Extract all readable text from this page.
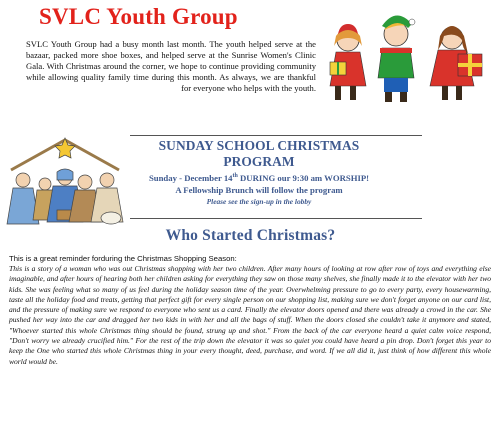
SVLC Youth Group

SVLC Youth Group had a busy month last month. The youth helped serve at the bazaar, packed more shoe boxes, and helped serve at the Sunrise Women's Clinic Gala. With Christmas around the corner, we hope to continue providing community while allowing quality family time during this month. As always, we are thankful for everyone who helps with the youth.

SUNDAY SCHOOL CHRISTMAS PROGRAM

Sunday - December 14th DURING our 9:30 am WORSHIP!

A Fellowship Brunch will follow the program

Please see the sign-up in the lobby

Who Started Christmas?

This is a great reminder forduring the Christmas Shopping Season:

This is a story of a woman who was out Christmas shopping with her two children. After many hours of looking at row after row of toys and everything else imaginable, and after hours of hearing both her children asking for everything they saw on those many shelves, she finally made it to the elevator with her two kids. She was feeling what so many of us feel during the holiday season time of the year. Overwhelming pressure to go to every party, every housewarming, taste all the holiday food and treats, getting that perfect gift for every single person on our shopping list, making sure we don't forget anyone on our card list, and the pressure of making sure we respond to everyone who sent us a card. Finally the elevator doors opened and there was already a crowd in the car. She pushed her way into the car and dragged her two kids in with her and all the bags of stuff. When the doors closed she couldn't take it anymore and stated, "Whoever started this whole Christmas thing should be found, strung up and shot." From the back of the car everyone heard a quiet calm voice respond, "Don't worry we already crucified him." For the rest of the trip down the elevator it was so quiet you could have heard a pin drop. Don't forget this year to keep the One who started this whole Christmas thing in your every thought, deed, purchase, and word. If we all did it, just think of how different this whole world would be.
